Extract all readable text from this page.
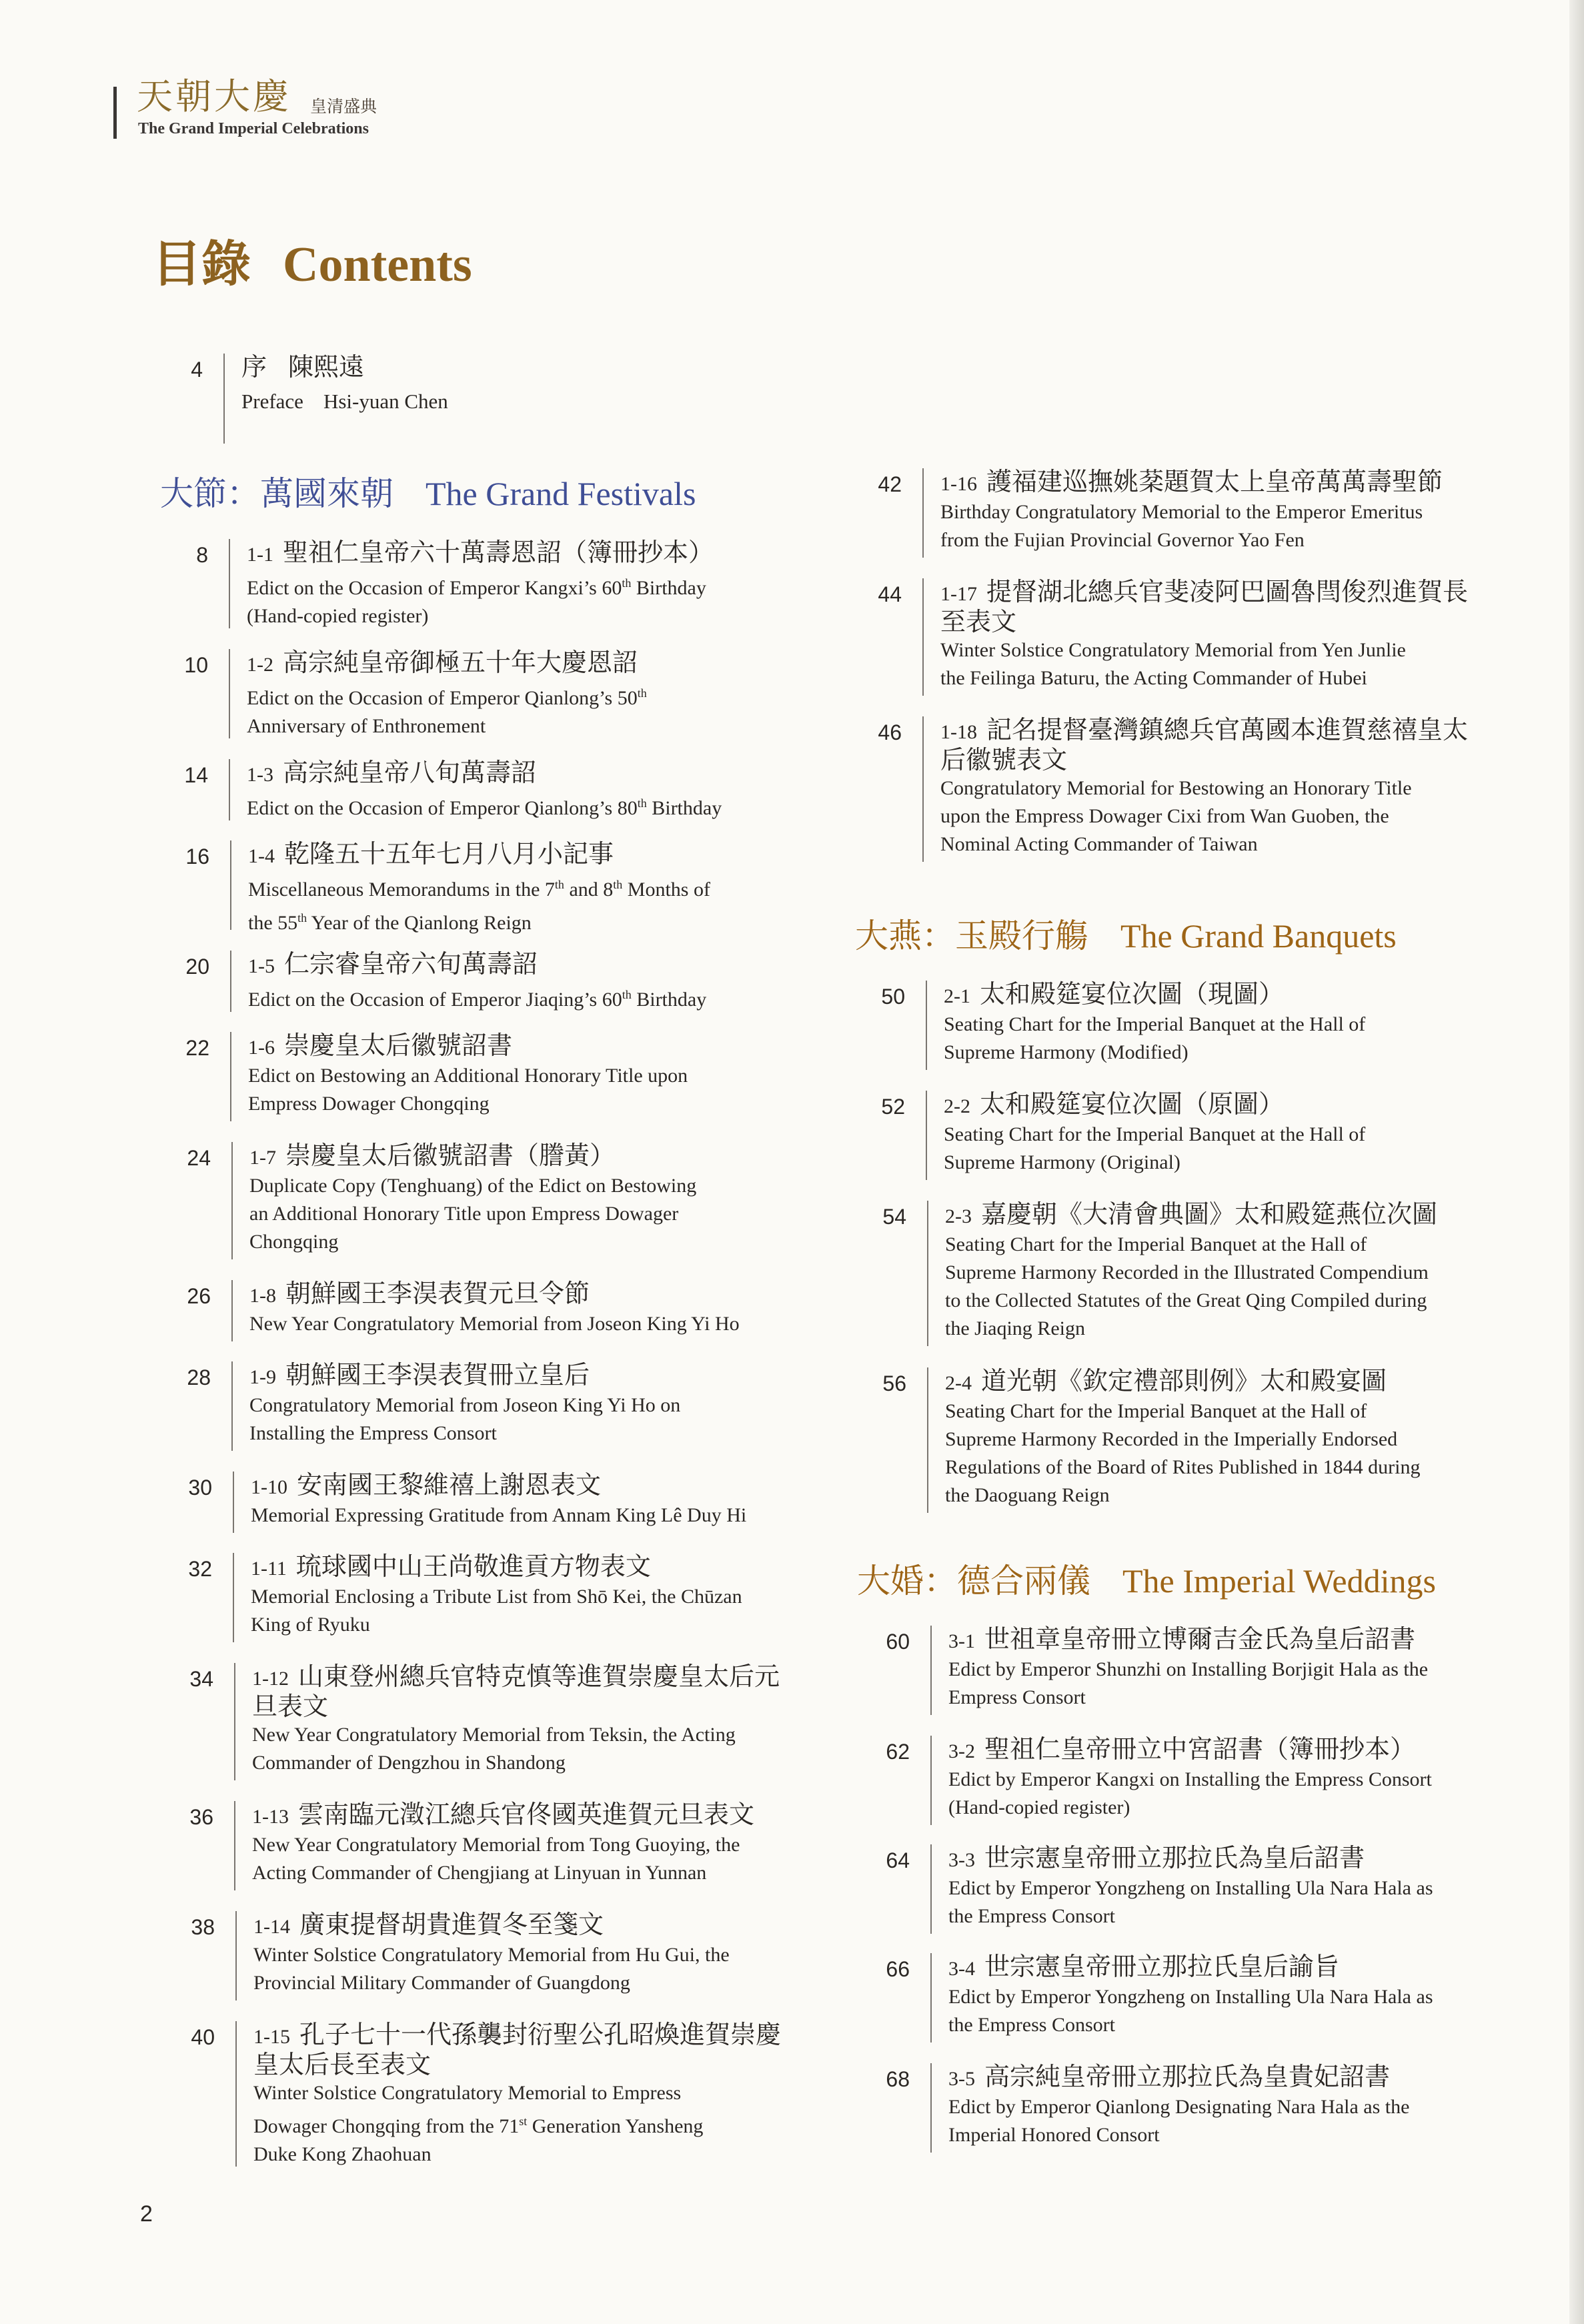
天朝大慶 皇清盛典
The Grand Imperial Celebrations
目錄 Contents
4 序 陳熙遠
Preface Hsi-yuan Chen
大節：萬國來朝 The Grand Festivals
8 1-1 聖祖仁皇帝六十萬壽恩詔（簿冊抄本）
Edict on the Occasion of Emperor Kangxi’s 60th Birthday
(Hand-copied register)
10 1-2 高宗純皇帝御極五十年大慶恩詔
Edict on the Occasion of Emperor Qianlong’s 50th
Anniversary of Enthronement
14 1-3 高宗純皇帝八旬萬壽詔
Edict on the Occasion of Emperor Qianlong’s 80th Birthday
16 1-4 乾隆五十五年七月八月小記事
Miscellaneous Memorandums in the 7th and 8th Months of
the 55th Year of the Qianlong Reign
20 1-5 仁宗睿皇帝六旬萬壽詔
Edict on the Occasion of Emperor Jiaqing’s 60th Birthday
22 1-6 崇慶皇太后徽號詔書
Edict on Bestowing an Additional Honorary Title upon
Empress Dowager Chongqing
24 1-7 崇慶皇太后徽號詔書（謄黃）
Duplicate Copy (Tenghuang) of the Edict on Bestowing
an Additional Honorary Title upon Empress Dowager
Chongqing
26 1-8 朝鮮國王李淏表賀元旦令節
New Year Congratulatory Memorial from Joseon King Yi Ho
28 1-9 朝鮮國王李淏表賀冊立皇后
Congratulatory Memorial from Joseon King Yi Ho on
Installing the Empress Consort
30 1-10 安南國王黎維禧上謝恩表文
Memorial Expressing Gratitude from Annam King Lê Duy Hi
32 1-11 琉球國中山王尚敬進貢方物表文
Memorial Enclosing a Tribute List from Shō Kei, the Chūzan
King of Ryuku
34 1-12 山東登州總兵官特克慎等進賀崇慶皇太后元
旦表文
New Year Congratulatory Memorial from Teksin, the Acting
Commander of Dengzhou in Shandong
36 1-13 雲南臨元澂江總兵官佟國英進賀元旦表文
New Year Congratulatory Memorial from Tong Guoying, the
Acting Commander of Chengjiang at Linyuan in Yunnan
38 1-14 廣東提督胡貴進賀冬至箋文
Winter Solstice Congratulatory Memorial from Hu Gui, the
Provincial Military Commander of Guangdong
40 1-15 孔子七十一代孫襲封衍聖公孔昭煥進賀崇慶
皇太后長至表文
Winter Solstice Congratulatory Memorial to Empress
Dowager Chongqing from the 71st Generation Yansheng
Duke Kong Zhaohuan
42 1-16 護福建巡撫姚棻題賀太上皇帝萬萬壽聖節
Birthday Congratulatory Memorial to the Emperor Emeritus
from the Fujian Provincial Governor Yao Fen
44 1-17 提督湖北總兵官斐凌阿巴圖魯閆俊烈進賀長
至表文
Winter Solstice Congratulatory Memorial from Yen Junlie
the Feilinga Baturu, the Acting Commander of Hubei
46 1-18 記名提督臺灣鎮總兵官萬國本進賀慈禧皇太
后徽號表文
Congratulatory Memorial for Bestowing an Honorary Title
upon the Empress Dowager Cixi from Wan Guoben, the
Nominal Acting Commander of Taiwan
大燕：玉殿行觴 The Grand Banquets
50 2-1 太和殿筵宴位次圖（現圖）
Seating Chart for the Imperial Banquet at the Hall of
Supreme Harmony (Modified)
52 2-2 太和殿筵宴位次圖（原圖）
Seating Chart for the Imperial Banquet at the Hall of
Supreme Harmony (Original)
54 2-3 嘉慶朝《大清會典圖》太和殿筵燕位次圖
Seating Chart for the Imperial Banquet at the Hall of
Supreme Harmony Recorded in the Illustrated Compendium
to the Collected Statutes of the Great Qing Compiled during
the Jiaqing Reign
56 2-4 道光朝《欽定禮部則例》太和殿宴圖
Seating Chart for the Imperial Banquet at the Hall of
Supreme Harmony Recorded in the Imperially Endorsed
Regulations of the Board of Rites Published in 1844 during
the Daoguang Reign
大婚：德合兩儀 The Imperial Weddings
60 3-1 世祖章皇帝冊立博爾吉金氏為皇后詔書
Edict by Emperor Shunzhi on Installing Borjigit Hala as the
Empress Consort
62 3-2 聖祖仁皇帝冊立中宮詔書（簿冊抄本）
Edict by Emperor Kangxi on Installing the Empress Consort
(Hand-copied register)
64 3-3 世宗憲皇帝冊立那拉氏為皇后詔書
Edict by Emperor Yongzheng on Installing Ula Nara Hala as
the Empress Consort
66 3-4 世宗憲皇帝冊立那拉氏皇后諭旨
Edict by Emperor Yongzheng on Installing Ula Nara Hala as
the Empress Consort
68 3-5 高宗純皇帝冊立那拉氏為皇貴妃詔書
Edict by Emperor Qianlong Designating Nara Hala as the
Imperial Honored Consort
2
